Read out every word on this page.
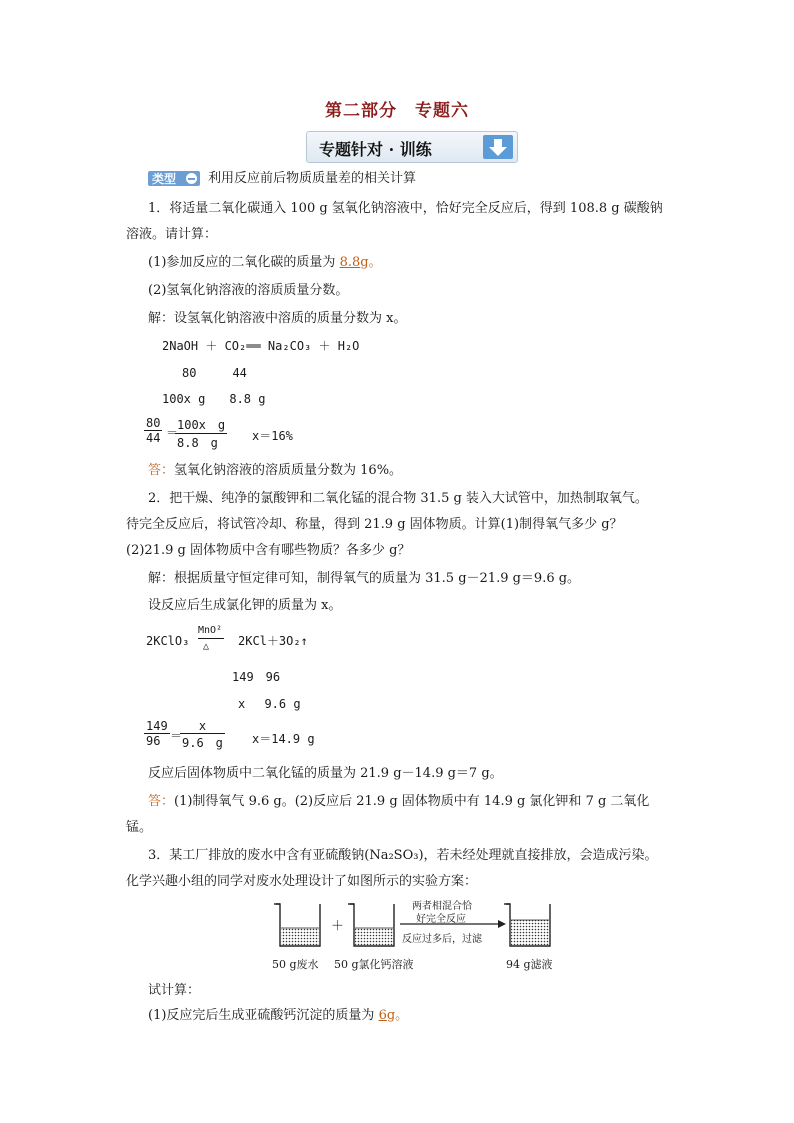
第二部分　专题六
专题针对 · 训练
类型 利用反应前后物质质量差的相关计算
1．将适量二氧化碳通入 100 g 氢氧化钠溶液中，恰好完全反应后，得到 108.8 g 碳酸钠
溶液。请计算：
(1)参加反应的二氧化碳的质量为 8.8g。
(2)氢氧化钠溶液的溶质质量分数。
解：设氢氧化钠溶液中溶质的质量分数为 x。
2NaOH ＋ CO₂══ Na₂CO₃ ＋ H₂O
80　　　44
100x g　　8.8 g
$\frac{80}{44}$ ＝
$\frac{\text{100x　g}}{8.8 g} x=16\%$
答：氢氧化钠溶液的溶质质量分数为 16%。
2．把干燥、纯净的氯酸钾和二氧化锰的混合物 31.5 g 装入大试管中，加热制取氧气。
待完全反应后，将试管冷却、称量，得到 21.9 g 固体物质。计算(1)制得氧气多少 g？
(2)21.9 g 固体物质中含有哪些物质？各多少 g？
解：根据质量守恒定律可知，制得氧气的质量为 31.5 g－21.9 g＝9.6 g。
设反应后生成氯化钾的质量为 x。
2KClO₃
MnO²
△ 2KCl＋3O₂↑
149　96
x　 9.6 g
$\frac{149}{96}$ ＝
$\frac{x}{9.6 g} x=14.9$ g
反应后固体物质中二氧化锰的质量为 21.9 g－14.9 g＝7 g。
答：(1)制得氧气 9.6 g。(2)反应后 21.9 g 固体物质中有 14.9 g 氯化钾和 7 g 二氧化
锰。
3．某工厂排放的废水中含有亚硫酸钠(Na₂SO₃)，若未经处理就直接排放，会造成污染。
化学兴趣小组的同学对废水处理设计了如图所示的实验方案：
＋
两者相混合恰
好完全反应
反应过多后，过滤
50 g废水 50 g氯化钙溶液	94 g滤液
试计算：
(1)反应完后生成亚硫酸钙沉淀的质量为 6g。
